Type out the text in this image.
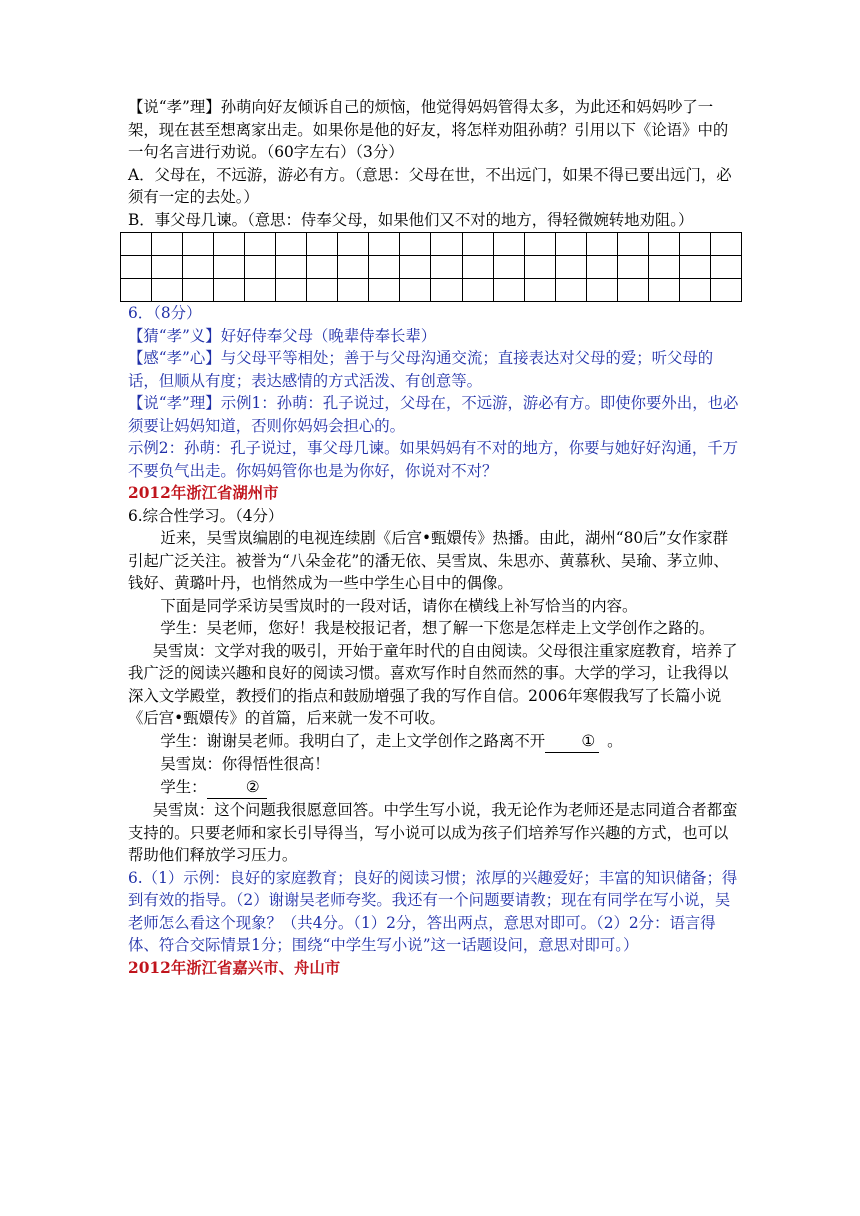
【说“孝”理】孙萌向好友倾诉自己的烦恼，他觉得妈妈管得太多，为此还和妈妈吵了一架，现在甚至想离家出走。如果你是他的好友，将怎样劝阻孙萌？引用以下《论语》中的一句名言进行劝说。（60字左右）（3分）

A．父母在，不远游，游必有方。（意思：父母在世，不出远门，如果不得已要出远门，必须有一定的去处。）

B．事父母几谏。（意思：侍奉父母，如果他们又不对的地方，得轻微婉转地劝阻。）

6．（8分）

【猜“孝”义】好好侍奉父母（晚辈侍奉长辈）

【感“孝”心】与父母平等相处；善于与父母沟通交流；直接表达对父母的爱；听父母的话，但顺从有度；表达感情的方式活泼、有创意等。

【说“孝”理】示例1：孙萌：孔子说过，父母在，不远游，游必有方。即使你要外出，也必须要让妈妈知道，否则你妈妈会担心的。

示例2：孙萌：孔子说过，事父母几谏。如果妈妈有不对的地方，你要与她好好沟通，千万不要负气出走。你妈妈管你也是为你好，你说对不对？

2012年浙江省湖州市

6.综合性学习。（4分）

近来，吴雪岚编剧的电视连续剧《后宫•甄嬛传》热播。由此，湖州“80后”女作家群引起广泛关注。被誉为“八朵金花”的潘无依、吴雪岚、朱思亦、黄慕秋、吴瑜、茅立帅、钱好、黄璐叶丹，也悄然成为一些中学生心目中的偶像。

下面是同学采访吴雪岚时的一段对话，请你在横线上补写恰当的内容。

学生：吴老师，您好！我是校报记者，想了解一下您是怎样走上文学创作之路的。

吴雪岚：文学对我的吸引，开始于童年时代的自由阅读。父母很注重家庭教育，培养了我广泛的阅读兴趣和良好的阅读习惯。喜欢写作时自然而然的事。大学的学习，让我得以深入文学殿堂，教授们的指点和鼓励增强了我的写作自信。2006年寒假我写了长篇小说《后宫•甄嬛传》的首篇，后来就一发不可收。

学生：谢谢吴老师。我明白了，走上文学创作之路离不开 ① 。

吴雪岚：你得悟性很高！

学生：	②

吴雪岚：这个问题我很愿意回答。中学生写小说，我无论作为老师还是志同道合者都蛮支持的。只要老师和家长引导得当，写小说可以成为孩子们培养写作兴趣的方式，也可以帮助他们释放学习压力。

6.（1）示例：良好的家庭教育；良好的阅读习惯；浓厚的兴趣爱好；丰富的知识储备；得到有效的指导。（2）谢谢吴老师夸奖。我还有一个问题要请教；现在有同学在写小说，吴老师怎么看这个现象？（共4分。（1）2分，答出两点，意思对即可。（2）2分：语言得体、符合交际情景1分；围绕“中学生写小说”这一话题设问，意思对即可。）

2012年浙江省嘉兴市、舟山市
